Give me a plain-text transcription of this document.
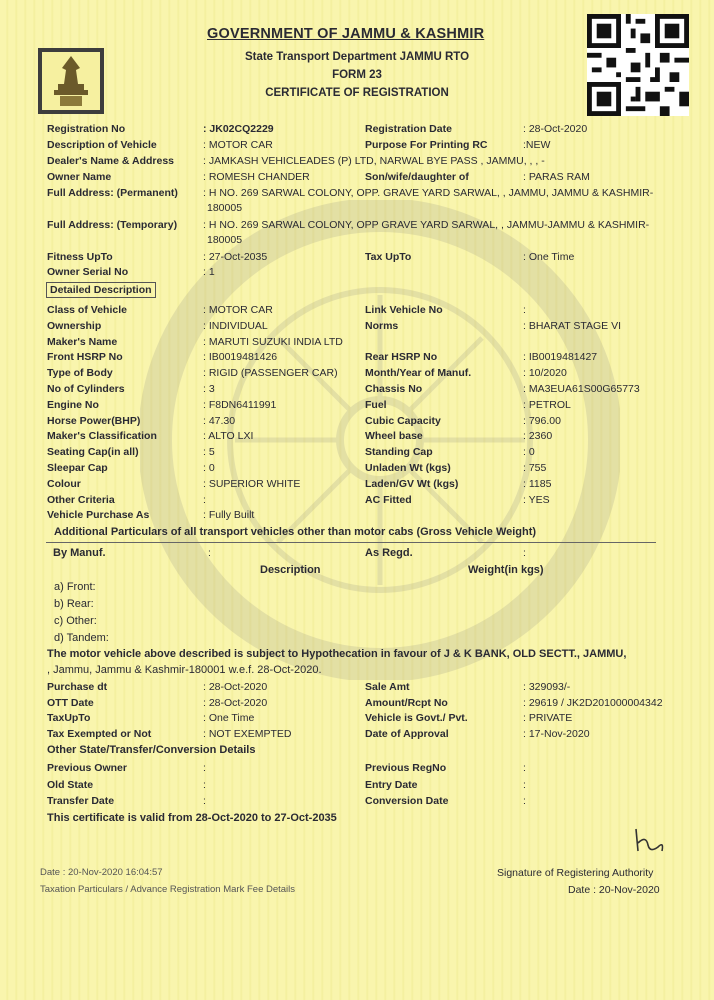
GOVERNMENT OF JAMMU & KASHMIR
State Transport Department JAMMU RTO
FORM 23
CERTIFICATE OF REGISTRATION
Registration No	: JK02CQ2229	Registration Date	: 28-Oct-2020
Description of Vehicle	: MOTOR CAR	Purpose For Printing RC	:NEW
Dealer's Name & Address	: JAMKASH VEHICLEADES (P) LTD, NARWAL BYE PASS , JAMMU, , , -
Owner Name	: ROMESH CHANDER	Son/wife/daughter of	: PARAS RAM
Full Address: (Permanent) : H NO. 269 SARWAL COLONY, OPP. GRAVE YARD SARWAL, , JAMMU, JAMMU & KASHMIR-
180005
Full Address: (Temporary) : H NO. 269 SARWAL COLONY, OPP GRAVE YARD SARWAL, , JAMMU-JAMMU & KASHMIR-
180005
Fitness UpTo	: 27-Oct-2035	Tax UpTo	: One Time
Owner Serial No	: 1
Detailed Description
Class of Vehicle	: MOTOR CAR	Link Vehicle No	:
Ownership	: INDIVIDUAL	Norms	: BHARAT STAGE VI
Maker's Name	: MARUTI SUZUKI INDIA LTD
Front HSRP No	: IB0019481426	Rear HSRP No	: IB0019481427
Type of Body	: RIGID (PASSENGER CAR)	Month/Year of Manuf.	: 10/2020
No of Cylinders	: 3	Chassis No	: MA3EUA61S00G65773
Engine No	: F8DN6411991	Fuel	: PETROL
Horse Power(BHP)	: 47.30	Cubic Capacity	: 796.00
Maker's Classification	: ALTO LXI	Wheel base	: 2360
Seating Cap(in all)	: 5	Standing Cap	: 0
Sleepar Cap	: 0	Unladen Wt (kgs)	: 755
Colour	: SUPERIOR WHITE	Laden/GV Wt (kgs)	: 1185
Other Criteria	:	AC Fitted	: YES
Vehicle Purchase As	: Fully Built
Additional Particulars of all transport vehicles other than motor cabs (Gross Vehicle Weight)
By Manuf.	:	As Regd.	:
Description	Weight(in kgs)
a) Front:
b) Rear:
c) Other:
d) Tandem:
The motor vehicle above described is subject to Hypothecation in favour of J & K BANK, OLD SECTT., JAMMU,
, Jammu, Jammu & Kashmir-180001 w.e.f. 28-Oct-2020.
Purchase dt	: 28-Oct-2020	Sale Amt	: 329093/-
OTT Date	: 28-Oct-2020	Amount/Rcpt No	: 29619 / JK2D201000004342
TaxUpTo	: One Time	Vehicle is Govt./ Pvt.	: PRIVATE
Tax Exempted or Not	: NOT EXEMPTED	Date of Approval	: 17-Nov-2020
Other State/Transfer/Conversion Details
Previous Owner	:	Previous RegNo	:
Old State	:	Entry Date	:
Transfer Date	:	Conversion Date	:
This certificate is valid from 28-Oct-2020 to 27-Oct-2035
Date : 20-Nov-2020 16:04:57
Taxation Particulars / Advance Registration Mark Fee Details
Signature of Registering Authority
Date : 20-Nov-2020
